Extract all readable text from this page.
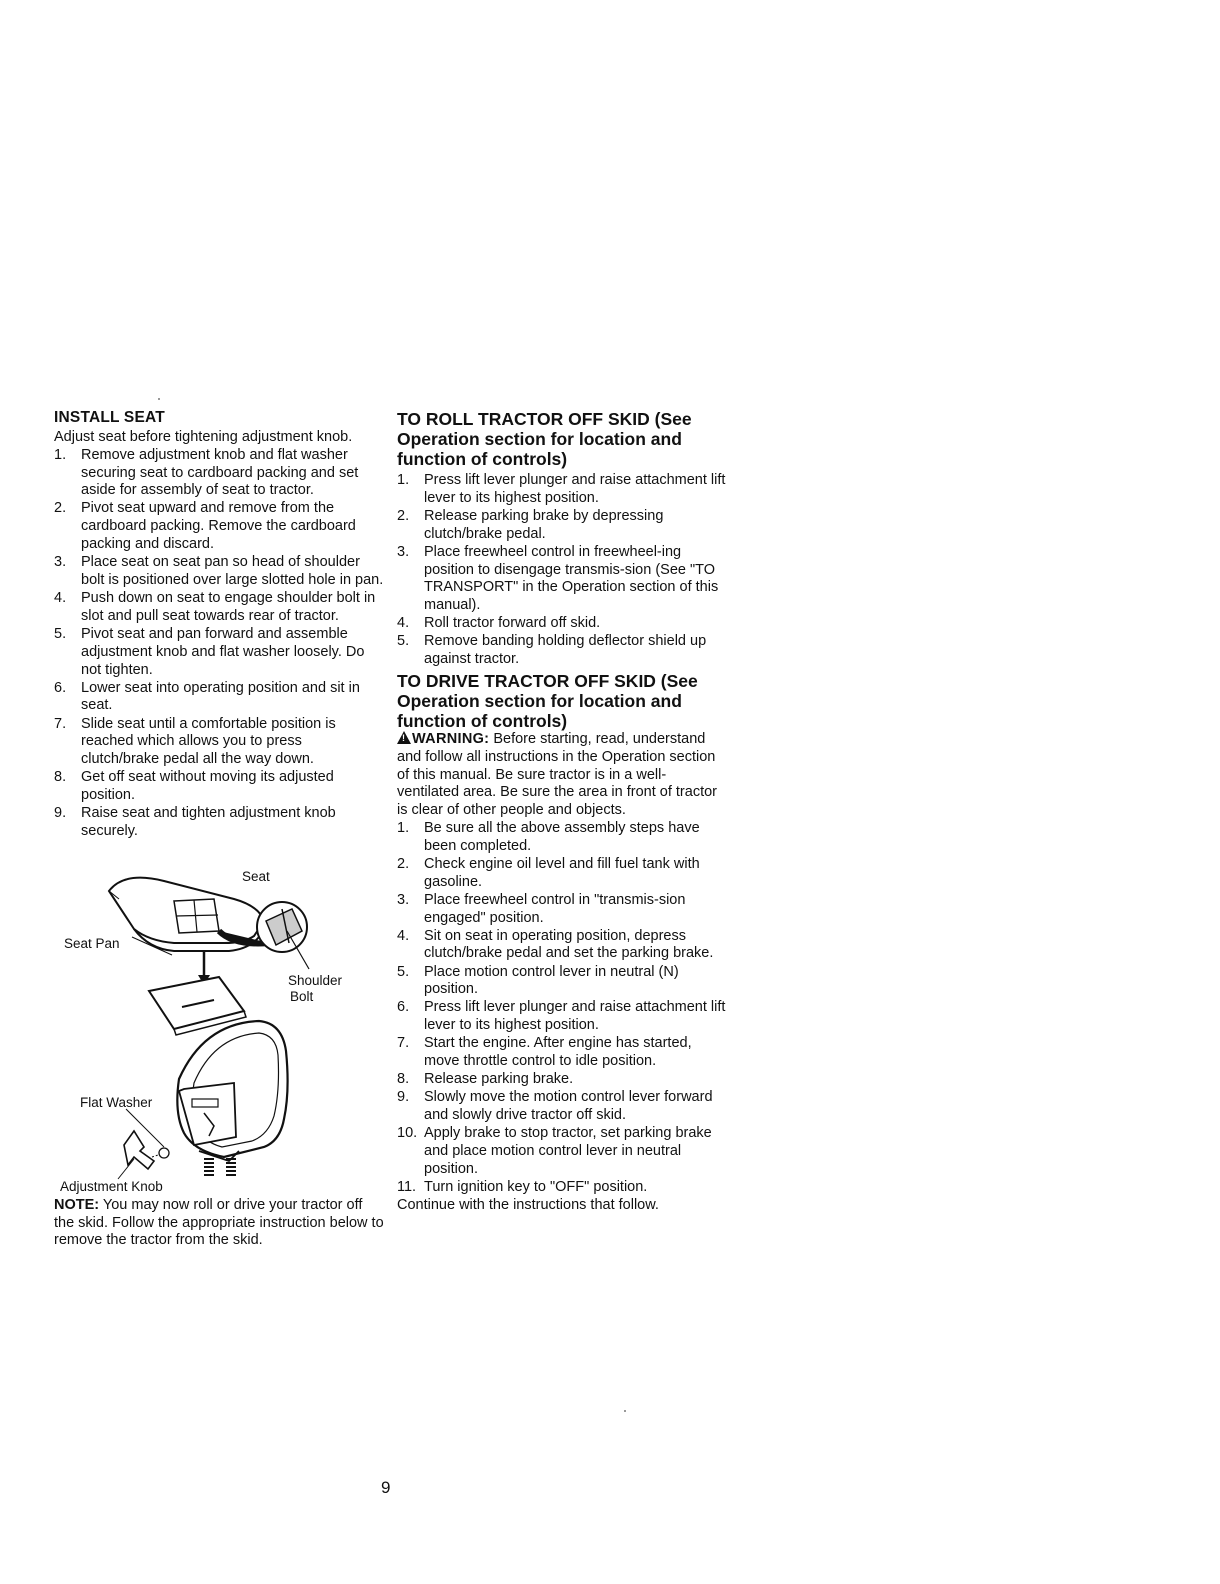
INSTALL SEAT

Adjust seat before tightening adjustment knob.

1. Remove adjustment knob and flat washer securing seat to cardboard packing and set aside for assembly of seat to tractor.
2. Pivot seat upward and remove from the cardboard packing. Remove the cardboard packing and discard.
3. Place seat on seat pan so head of shoulder bolt is positioned over large slotted hole in pan.
4. Push down on seat to engage shoulder bolt in slot and pull seat towards rear of tractor.
5. Pivot seat and pan forward and assemble adjustment knob and flat washer loosely. Do not tighten.
6. Lower seat into operating position and sit in seat.
7. Slide seat until a comfortable position is reached which allows you to press clutch/brake pedal all the way down.
8. Get off seat without moving its adjusted position.
9. Raise seat and tighten adjustment knob securely.
Seat
Seat Pan
Shoulder
Bolt
Flat Washer
Adjustment Knob

NOTE: You may now roll or drive your tractor off the skid. Follow the appropriate instruction below to remove the tractor from the skid.

TO ROLL TRACTOR OFF SKID (See Operation section for location and function of controls)
1. Press lift lever plunger and raise attachment lift lever to its highest position.
2. Release parking brake by depressing clutch/brake pedal.
3. Place freewheel control in freewheel-ing position to disengage transmis-sion (See "TO TRANSPORT" in the Operation section of this manual).
4. Roll tractor forward off skid.
5. Remove banding holding deflector shield up against tractor.
TO DRIVE TRACTOR OFF SKID (See Operation section for location and function of controls)

!WARNING: Before starting, read, understand and follow all instructions in the Operation section of this manual. Be sure tractor is in a well-ventilated area. Be sure the area in front of tractor is clear of other people and objects.

1. Be sure all the above assembly steps have been completed.
2. Check engine oil level and fill fuel tank with gasoline.
3. Place freewheel control in "transmis-sion engaged" position.
4. Sit on seat in operating position, depress clutch/brake pedal and set the parking brake.
5. Place motion control lever in neutral (N) position.
6. Press lift lever plunger and raise attachment lift lever to its highest position.
7. Start the engine. After engine has started, move throttle control to idle position.
8. Release parking brake.
9. Slowly move the motion control lever forward and slowly drive tractor off skid.
10. Apply brake to stop tractor, set parking brake and place motion control lever in neutral position.
11. Turn ignition key to "OFF" position.

Continue with the instructions that follow.

9
